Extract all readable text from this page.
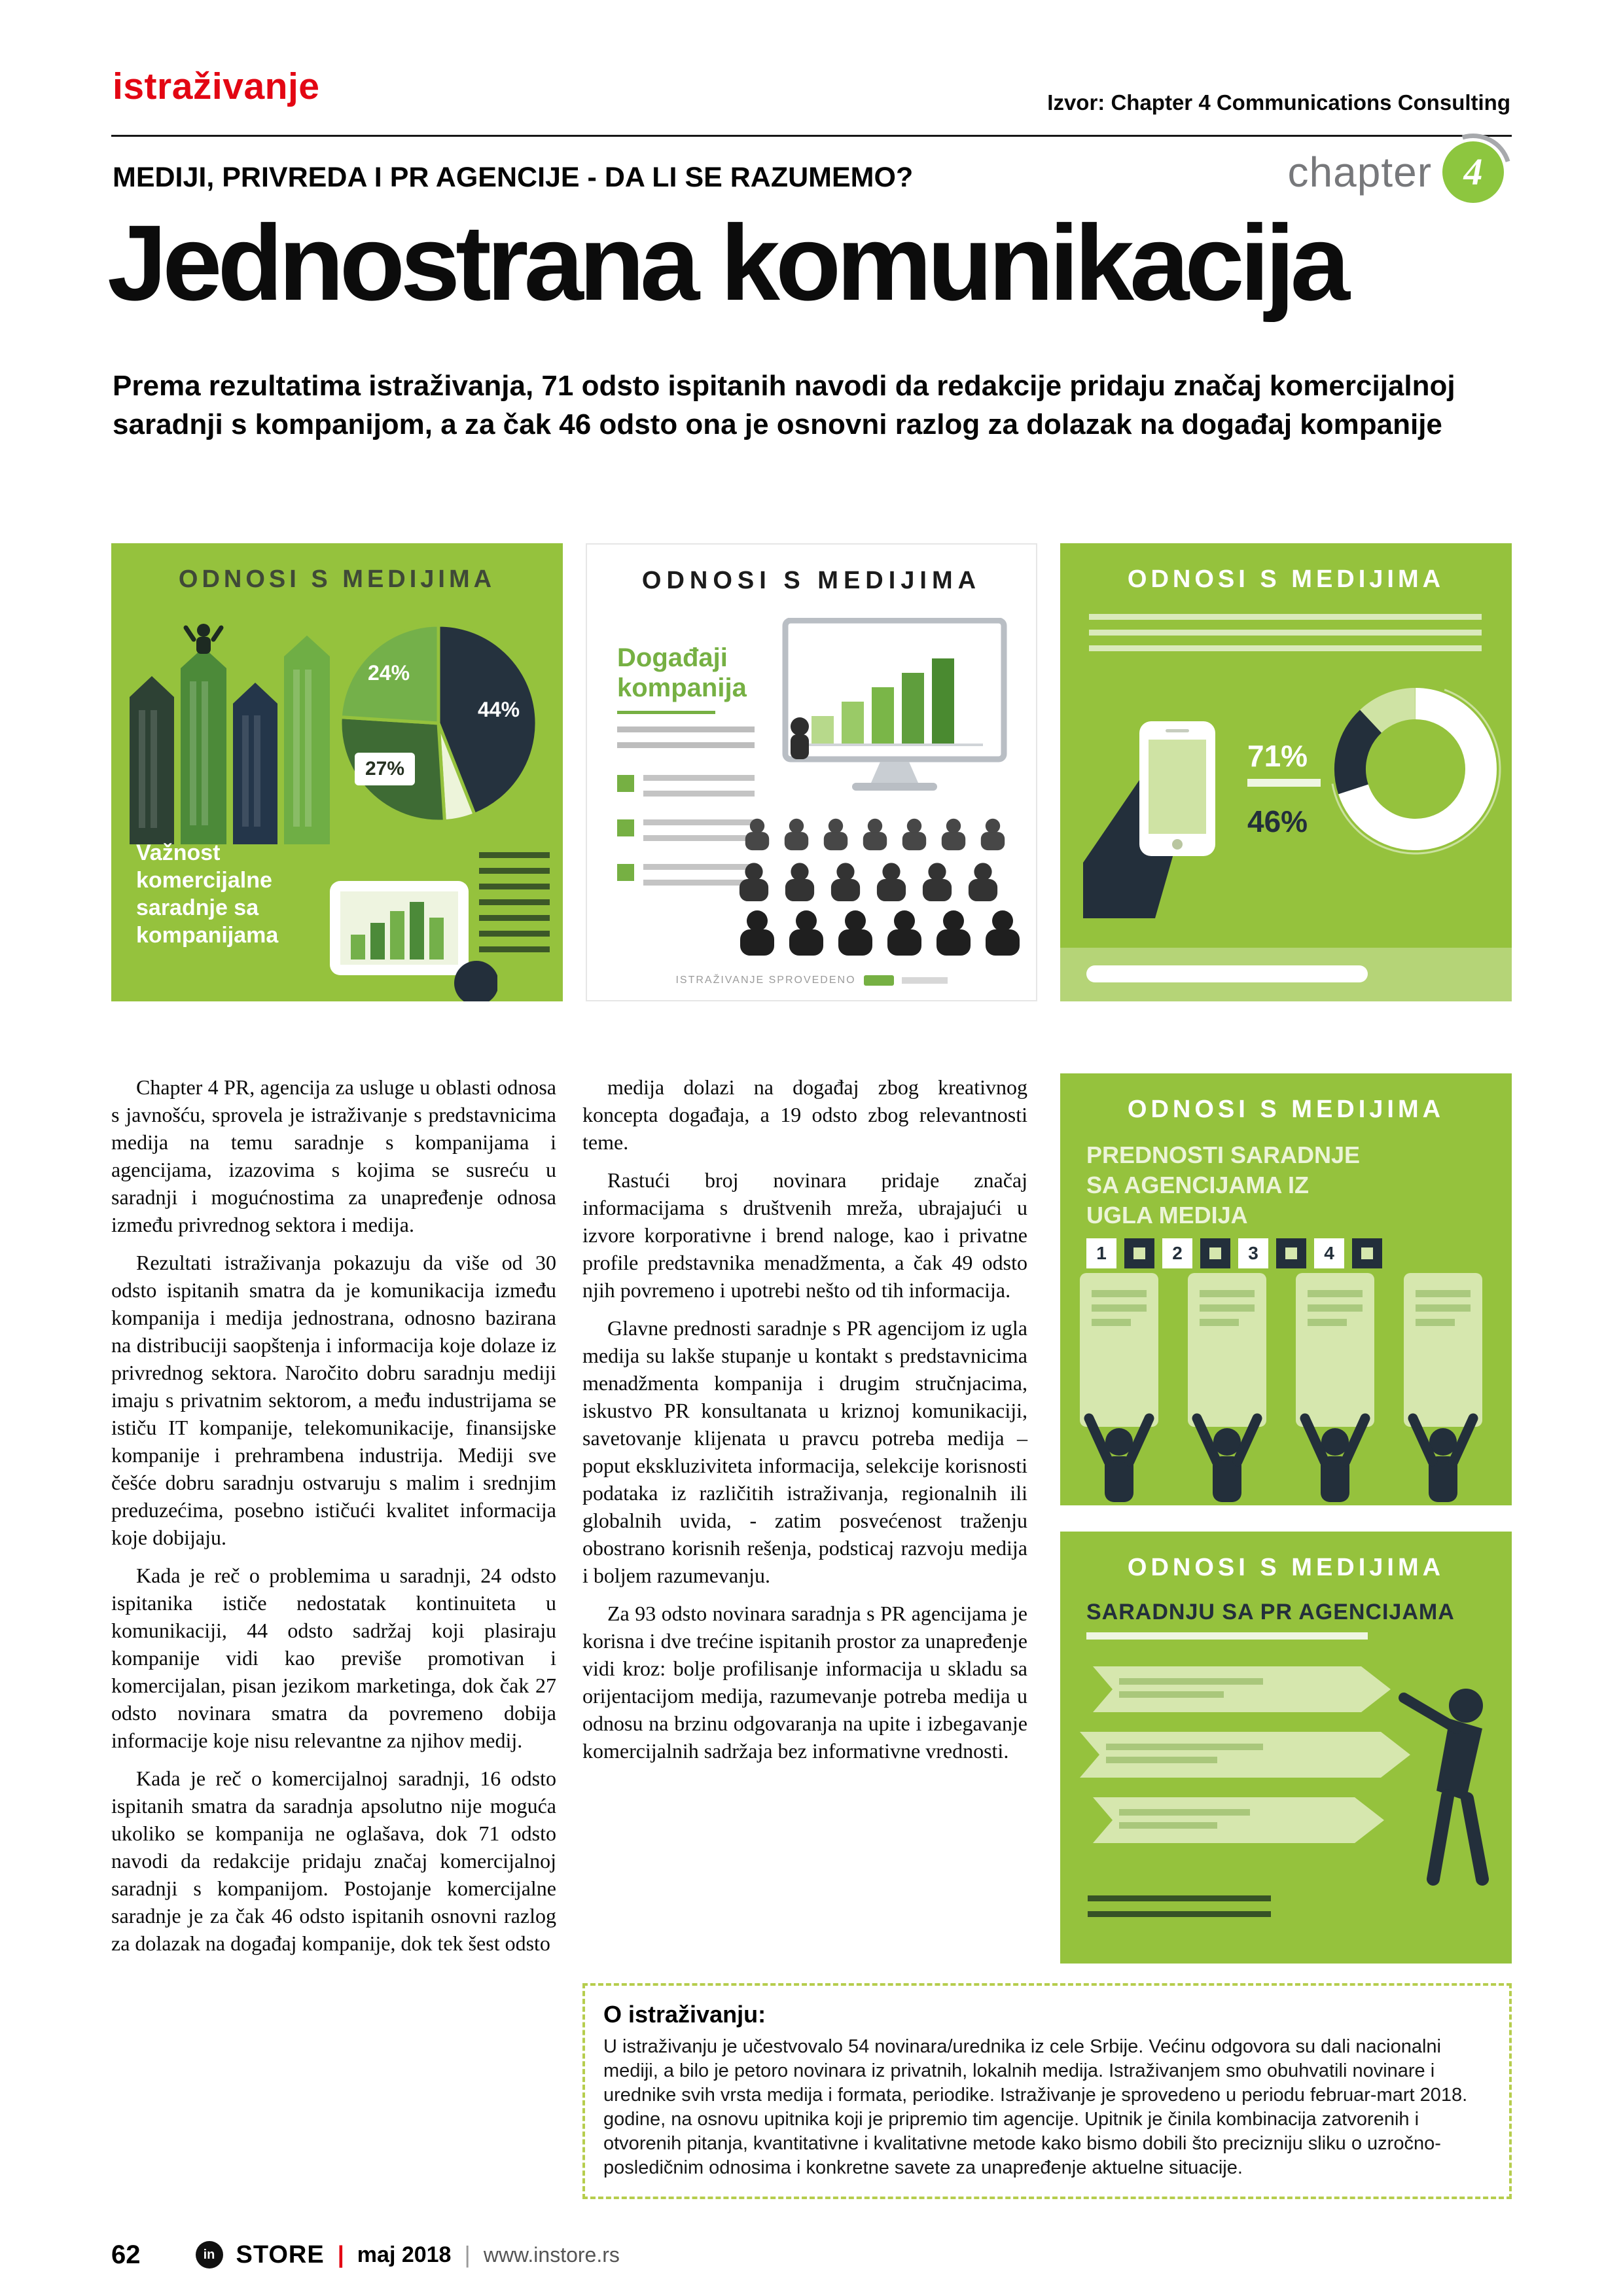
istraživanje	Izvor: Chapter 4 Communications Consulting
MEDIJI, PRIVREDA I PR AGENCIJE - DA LI SE RAZUMEMO?	chapter 4
Jednostrana komunikacija

Prema rezultatima istraživanja, 71 odsto ispitanih navodi da redakcije pridaju značaj komercijalnoj saradnji s kompanijom, a za čak 46 odsto ona je osnovni razlog za dolazak na događaj kompanije

ODNOSI S MEDIJIMA
24%
44%
27%
Važnost komercijalne saradnje sa kompanijama
ODNOSI S MEDIJIMA
Događaji kompanija
ISTRAŽIVANJE SPROVEDENO
ODNOSI S MEDIJIMA
71%
46%

Chapter 4 PR, agencija za usluge u oblasti odnosa s javnošću, sprovela je istraživanje s predstavnicima medija na temu saradnje s kompanijama i agencijama, izazovima s kojima se susreću u saradnji i mogućnostima za unapređenje odnosa između privrednog sektora i medija.

Rezultati istraživanja pokazuju da više od 30 odsto ispitanih smatra da je komunikacija između kompanija i medija jednostrana, odnosno bazirana na distribuciji saopštenja i informacija koje dolaze iz privrednog sektora. Naročito dobru saradnju mediji imaju s privatnim sektorom, a među industrijama se ističu IT kompanije, telekomunikacije, finansijske kompanije i prehrambena industrija. Mediji sve češće dobru saradnju ostvaruju s malim i srednjim preduzećima, posebno ističući kvalitet informacija koje dobijaju.

Kada je reč o problemima u saradnji, 24 odsto ispitanika ističe nedostatak kontinuiteta u komunikaciji, 44 odsto sadržaj koji plasiraju kompanije vidi kao previše promotivan i komercijalan, pisan jezikom marketinga, dok čak 27 odsto novinara smatra da povremeno dobija informacije koje nisu relevantne za njihov medij.

Kada je reč o komercijalnoj saradnji, 16 odsto ispitanih smatra da saradnja apsolutno nije moguća ukoliko se kompanija ne oglašava, dok 71 odsto navodi da redakcije pridaju značaj komercijalnoj saradnji s kompanijom. Postojanje komercijalne saradnje je za čak 46 odsto ispitanih osnovni razlog za dolazak na događaj kompanije, dok tek šest odsto

medija dolazi na događaj zbog kreativnog koncepta događaja, a 19 odsto zbog relevantnosti teme.

Rastući broj novinara pridaje značaj informacijama s društvenih mreža, ubrajajući u izvore korporativne i brend naloge, kao i privatne profile predstavnika menadžmenta, a čak 49 odsto njih povremeno i upotrebi nešto od tih informacija.

Glavne prednosti saradnje s PR agencijom iz ugla medija su lakše stupanje u kontakt s predstavnicima menadžmenta kompanija i drugim stručnjacima, iskustvo PR konsultanata u kriznoj komunikaciji, savetovanje klijenata u pravcu potreba medija – poput ekskluziviteta informacija, selekcije korisnosti podataka iz različitih istraživanja, regionalnih ili globalnih uvida, - zatim posvećenost traženju obostrano korisnih rešenja, podsticaj razvoju medija i boljem razumevanju.

Za 93 odsto novinara saradnja s PR agencijama je korisna i dve trećine ispitanih prostor za unapređenje vidi kroz: bolje profilisanje informacija u skladu sa orijentacijom medija, razumevanje potreba medija u odnosu na brzinu odgovaranja na upite i izbegavanje komercijalnih sadržaja bez informativne vrednosti.

ODNOSI S MEDIJIMA
PREDNOSTI SARADNJE SA AGENCIJAMA IZ UGLA MEDIJA
1	2	3	4
ODNOSI S MEDIJIMA
SARADNJU SA PR AGENCIJAMA
O istraživanju:
U istraživanju je učestvovalo 54 novinara/urednika iz cele Srbije. Većinu odgovora su dali nacionalni mediji, a bilo je petoro novinara iz privatnih, lokalnih medija. Istraživanjem smo obuhvatili novinare i urednike svih vrsta medija i formata, periodike. Istraživanje je sprovedeno u periodu februar-mart 2018. godine, na osnovu upitnika koji je pripremio tim agencije. Upitnik je činila kombinacija zatvorenih i otvorenih pitanja, kvantitativne i kvalitativne metode kako bismo dobili što precizniju sliku o uzročno-posledičnim odnosima i konkretne savete za unapređenje aktuelne situacije.
62	in STORE | maj 2018 | www.instore.rs
